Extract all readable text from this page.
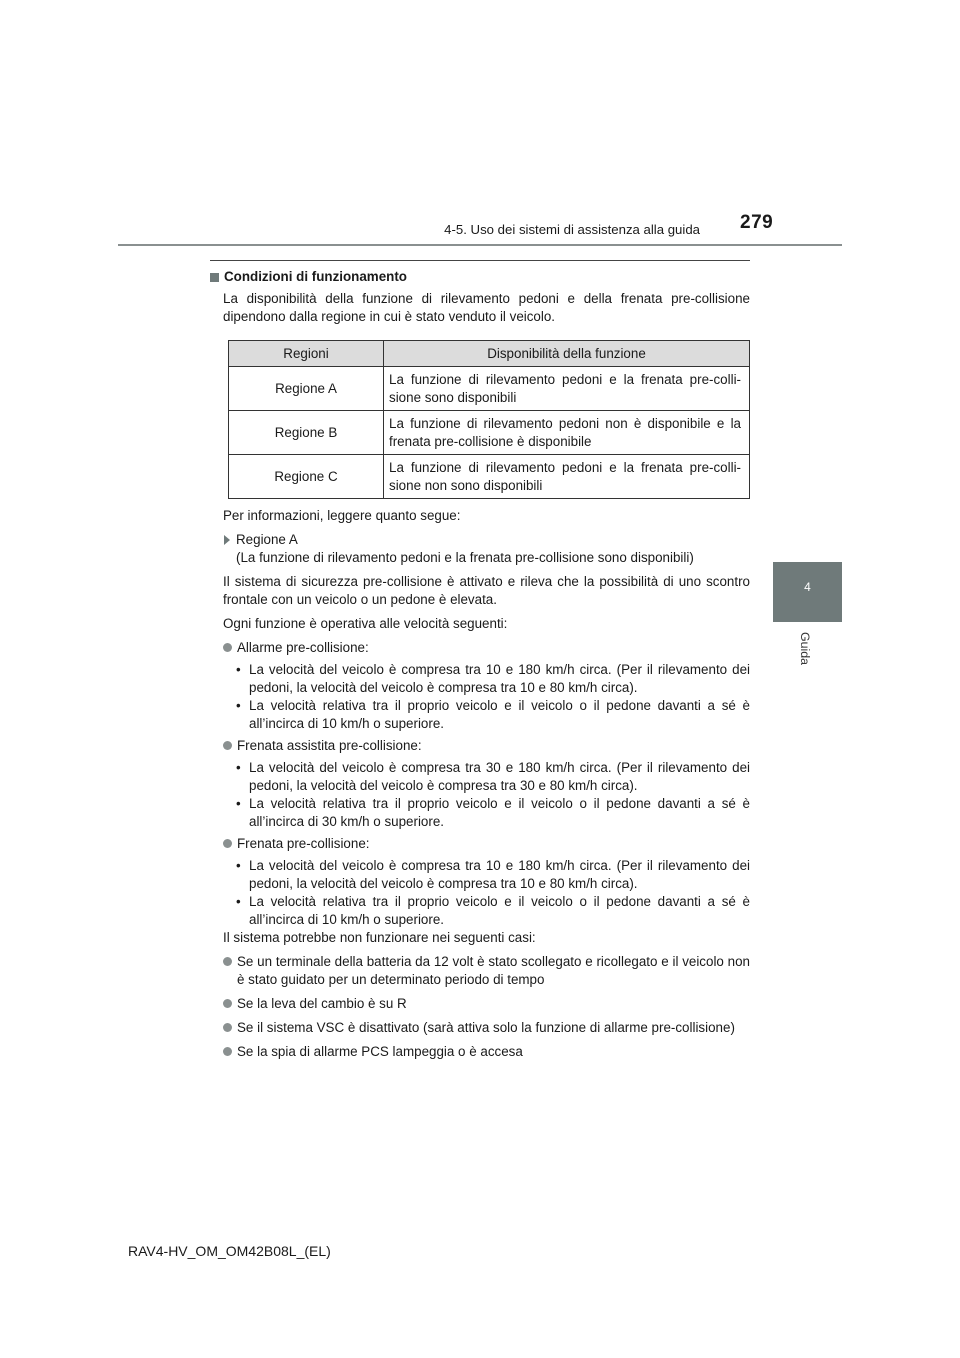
4-5. Uso dei sistemi di assistenza alla guida 279
4
Guida
Condizioni di funzionamento

La disponibilità della funzione di rilevamento pedoni e della frenata pre-collisione dipendono dalla regione in cui è stato venduto il veicolo.

Regioni	Disponibilità della funzione
Regione A	La funzione di rilevamento pedoni e la frenata pre-colli-sione sono disponibili
Regione B	La funzione di rilevamento pedoni non è disponibile e la frenata pre-collisione è disponibile
Regione C	La funzione di rilevamento pedoni e la frenata pre-colli-sione non sono disponibili

Per informazioni, leggere quanto segue:

Regione A
(La funzione di rilevamento pedoni e la frenata pre-collisione sono disponibili)

Il sistema di sicurezza pre-collisione è attivato e rileva che la possibilità di uno scontro frontale con un veicolo o un pedone è elevata.

Ogni funzione è operativa alle velocità seguenti:

Allarme pre-collisione:
• La velocità del veicolo è compresa tra 10 e 180 km/h circa. (Per il rilevamento dei pedoni, la velocità del veicolo è compresa tra 10 e 80 km/h circa).
• La velocità relativa tra il proprio veicolo e il veicolo o il pedone davanti a sé è all’incirca di 10 km/h o superiore.
Frenata assistita pre-collisione:
• La velocità del veicolo è compresa tra 30 e 180 km/h circa. (Per il rilevamento dei pedoni, la velocità del veicolo è compresa tra 30 e 80 km/h circa).
• La velocità relativa tra il proprio veicolo e il veicolo o il pedone davanti a sé è all’incirca di 30 km/h o superiore.
Frenata pre-collisione:
• La velocità del veicolo è compresa tra 10 e 180 km/h circa. (Per il rilevamento dei pedoni, la velocità del veicolo è compresa tra 10 e 80 km/h circa).
• La velocità relativa tra il proprio veicolo e il veicolo o il pedone davanti a sé è all’incirca di 10 km/h o superiore.

Il sistema potrebbe non funzionare nei seguenti casi:

Se un terminale della batteria da 12 volt è stato scollegato e ricollegato e il veicolo non è stato guidato per un determinato periodo di tempo
Se la leva del cambio è su R
Se il sistema VSC è disattivato (sarà attiva solo la funzione di allarme pre-collisione)
Se la spia di allarme PCS lampeggia o è accesa
RAV4-HV_OM_OM42B08L_(EL)
